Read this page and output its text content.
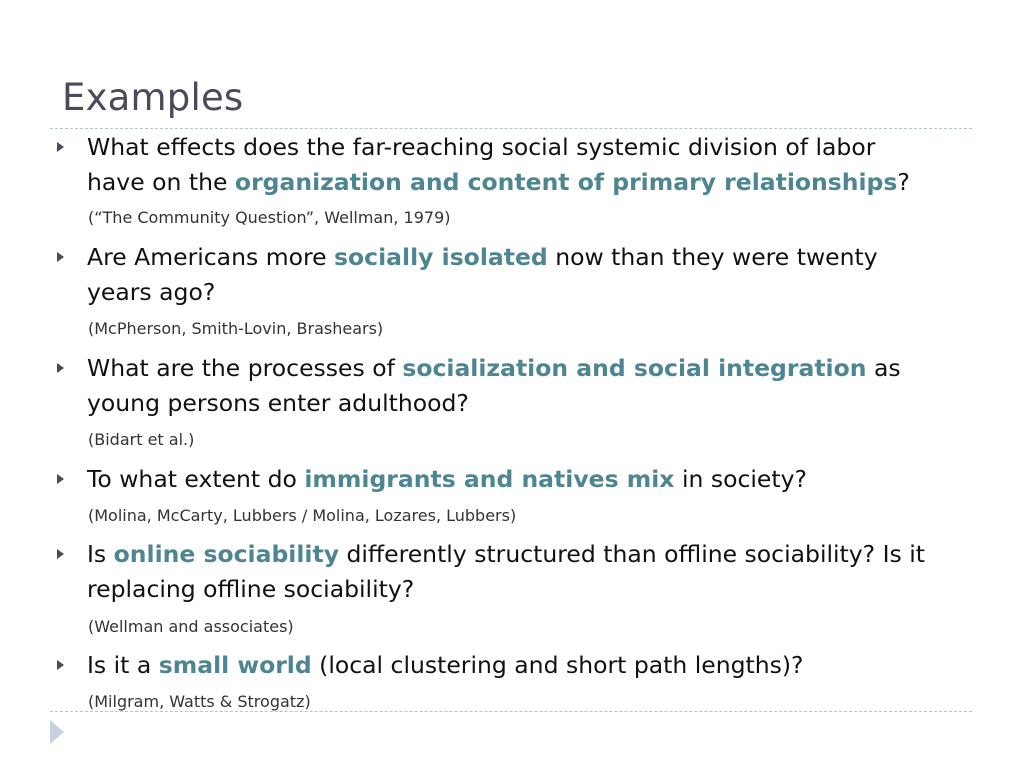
Examples
What effects does the far-reaching social systemic division of labor
have on the organization and content of primary relationships?
(“The Community Question”, Wellman, 1979)
Are Americans more socially isolated now than they were twenty
years ago?
(McPherson, Smith-Lovin, Brashears)
What are the processes of socialization and social integration as
young persons enter adulthood?
(Bidart et al.)
To what extent do immigrants and natives mix in society?
(Molina, McCarty, Lubbers / Molina, Lozares, Lubbers)
Is online sociability differently structured than offline sociability? Is it
replacing offline sociability?
(Wellman and associates)
Is it a small world (local clustering and short path lengths)?
(Milgram, Watts & Strogatz)
